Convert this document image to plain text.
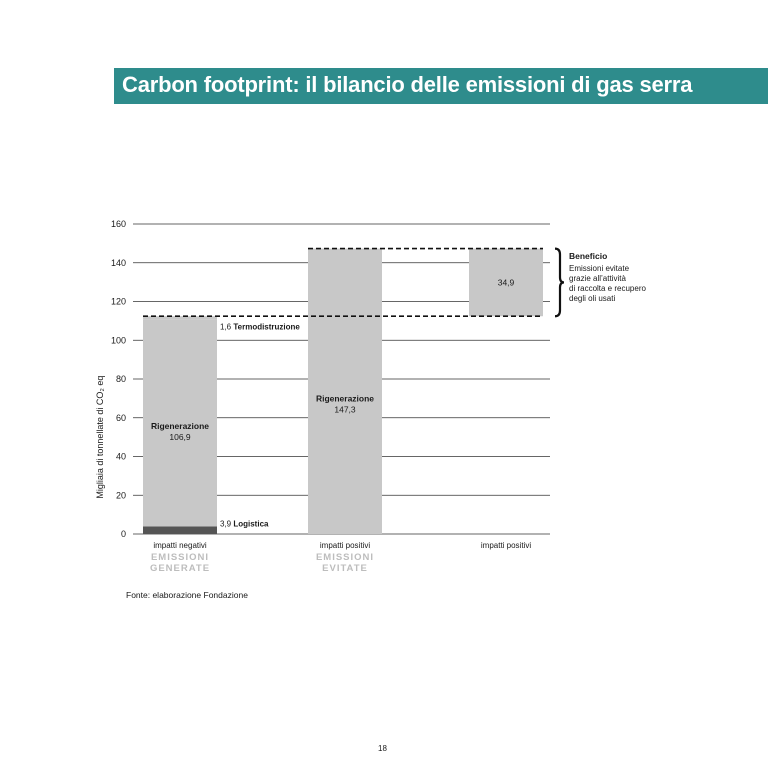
Carbon footprint: il bilancio delle emissioni di gas serra
0
20
40
60
80
100
120
140
160
Migliaia di tonnellate di CO₂ eq
3,9 Logistica
Rigenerazione
106,9
1,6 Termodistruzione
Rigenerazione
147,3
34,9
impatti negativi	impatti positivi	impatti positivi
EMISSIONI
GENERATE
EMISSIONI
EVITATE
Beneficio
Emissioni evitate
grazie all’attività
di raccolta e recupero
degli oli usati
Fonte: elaborazione Fondazione
18
